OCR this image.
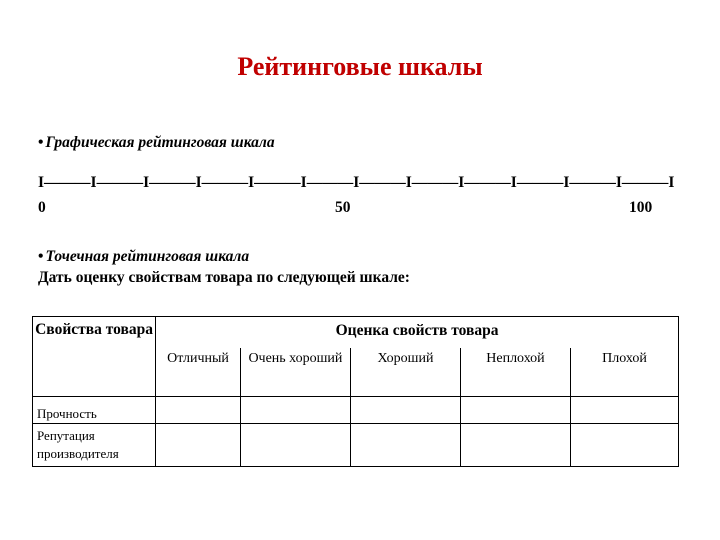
Рейтинговые шкалы
• Графическая рейтинговая шкала
I———I———I———I———I———I———I———I———I———I———I———I———I
0	50	100
• Точечная рейтинговая шкала
Дать оценку свойствам товара по следующей шкале:
Свойства товара	Оценка свойств товара				
	Отличный	Очень хороший	Хороший	Неплохой	Плохой
Прочность					
Репутация производителя					
